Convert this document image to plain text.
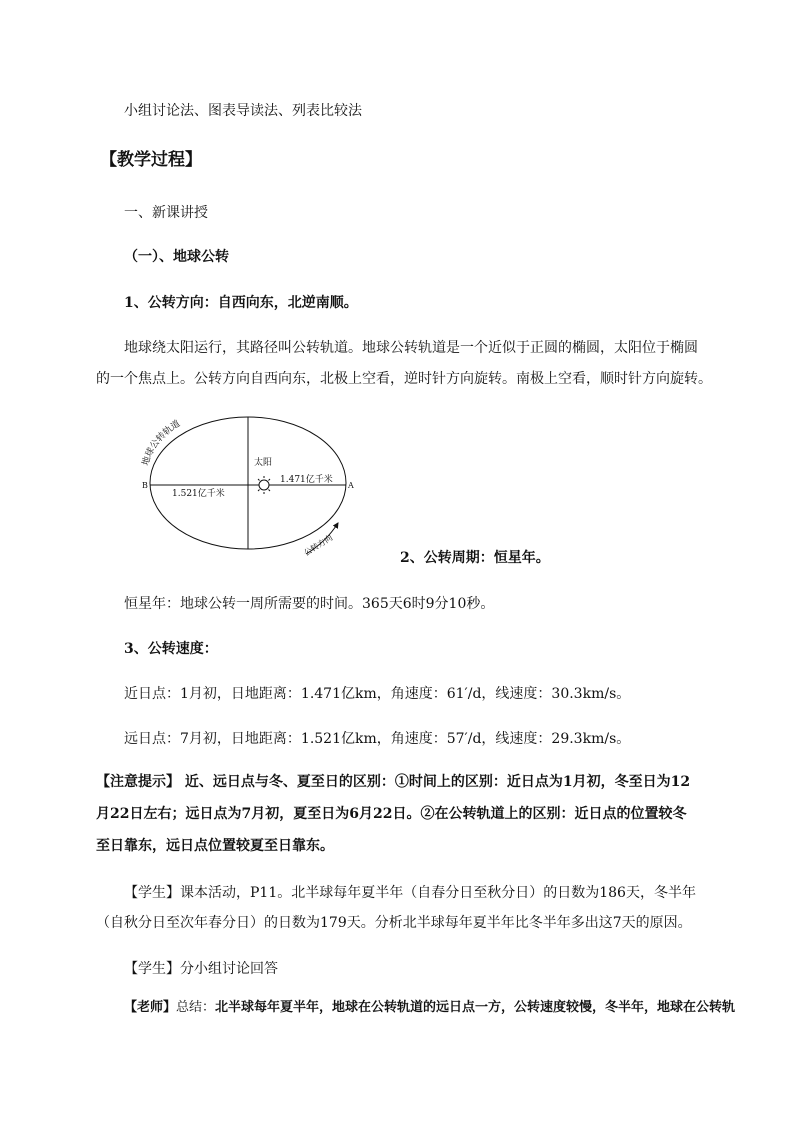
小组讨论法、图表导读法、列表比较法
【教学过程】
一、新课讲授
（一）、地球公转
1、公转方向：自西向东，北逆南顺。
地球绕太阳运行，其路径叫公转轨道。地球公转轨道是一个近似于正圆的椭圆，太阳位于椭圆
的一个焦点上。公转方向自西向东，北极上空看，逆时针方向旋转。南极上空看，顺时针方向旋转。
地球公转轨道
太阳
1.521亿千米
1.471亿千米
B	A
公转方向
2、公转周期：恒星年。
恒星年：地球公转一周所需要的时间。365天6时9分10秒。
3、公转速度：
近日点：1月初，日地距离：1.471亿km，角速度：61′/d，线速度：30.3km/s。
远日点：7月初，日地距离：1.521亿km，角速度：57′/d，线速度：29.3km/s。
【注意提示】 近、远日点与冬、夏至日的区别：①时间上的区别：近日点为1月初，冬至日为12
月22日左右；远日点为7月初，夏至日为6月22日。②在公转轨道上的区别：近日点的位置较冬
至日靠东，远日点位置较夏至日靠东。
【学生】课本活动，P11。北半球每年夏半年（自春分日至秋分日）的日数为186天，冬半年
（自秋分日至次年春分日）的日数为179天。分析北半球每年夏半年比冬半年多出这7天的原因。
【学生】分小组讨论回答
【老师】总结：北半球每年夏半年，地球在公转轨道的远日点一方，公转速度较慢，冬半年，地球在公转轨
